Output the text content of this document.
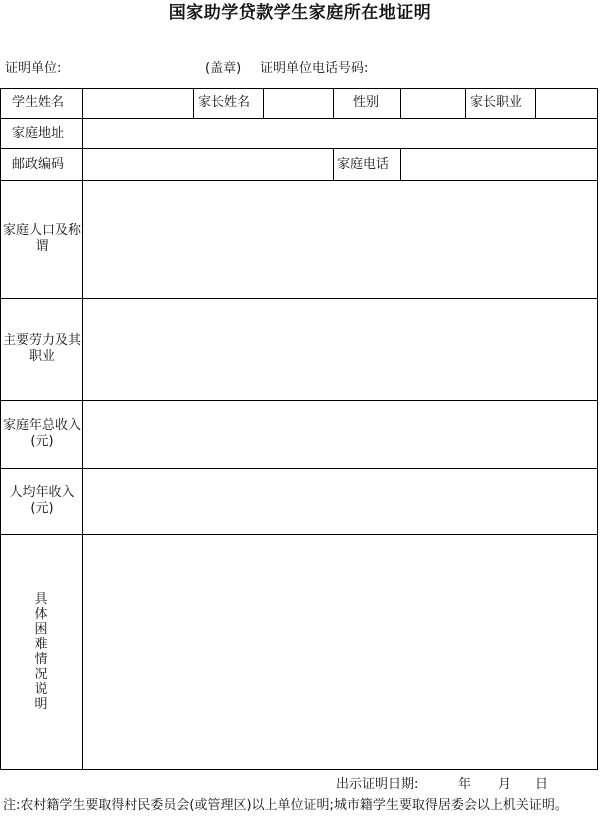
国家助学贷款学生家庭所在地证明
证明单位:	(盖章) 证明单位电话号码:
学生姓名	家长姓名	性别	家长职业
家庭地址
邮政编码	家庭电话
家庭人口及称谓
主要劳力及其职业
家庭年总收入(元)
人均年收入(元)
具体困难情况说明
出示证明日期:	年 月 日
注:农村籍学生要取得村民委员会(或管理区)以上单位证明;城市籍学生要取得居委会以上机关证明。
